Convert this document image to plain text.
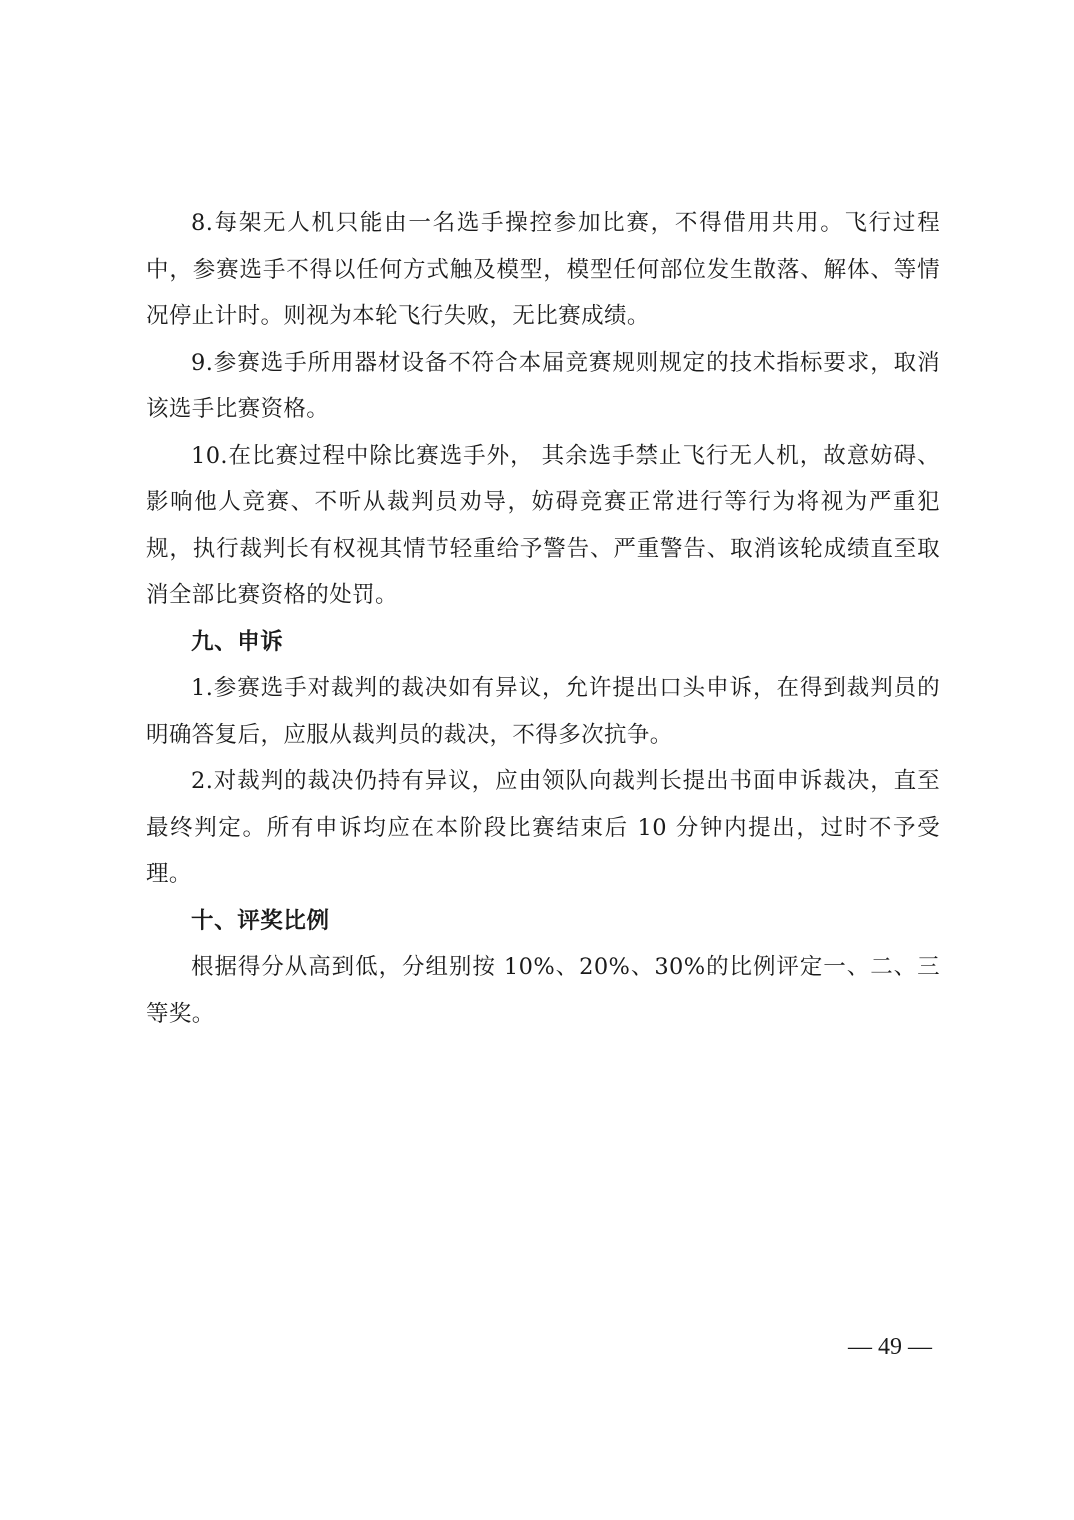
8.每架无人机只能由一名选手操控参加比赛，不得借用共用。飞行过程中，参赛选手不得以任何方式触及模型，模型任何部位发生散落、解体、等情况停止计时。则视为本轮飞行失败，无比赛成绩。

9.参赛选手所用器材设备不符合本届竞赛规则规定的技术指标要求，取消该选手比赛资格。

10.在比赛过程中除比赛选手外， 其余选手禁止飞行无人机，故意妨碍、影响他人竞赛、不听从裁判员劝导，妨碍竞赛正常进行等行为将视为严重犯规，执行裁判长有权视其情节轻重给予警告、严重警告、取消该轮成绩直至取消全部比赛资格的处罚。

九、申诉

1.参赛选手对裁判的裁决如有异议，允许提出口头申诉，在得到裁判员的明确答复后，应服从裁判员的裁决，不得多次抗争。

2.对裁判的裁决仍持有异议，应由领队向裁判长提出书面申诉裁决，直至最终判定。所有申诉均应在本阶段比赛结束后 10 分钟内提出，过时不予受理。

十、评奖比例

根据得分从高到低，分组别按 10%、20%、30%的比例评定一、二、三等奖。

— 49 —
